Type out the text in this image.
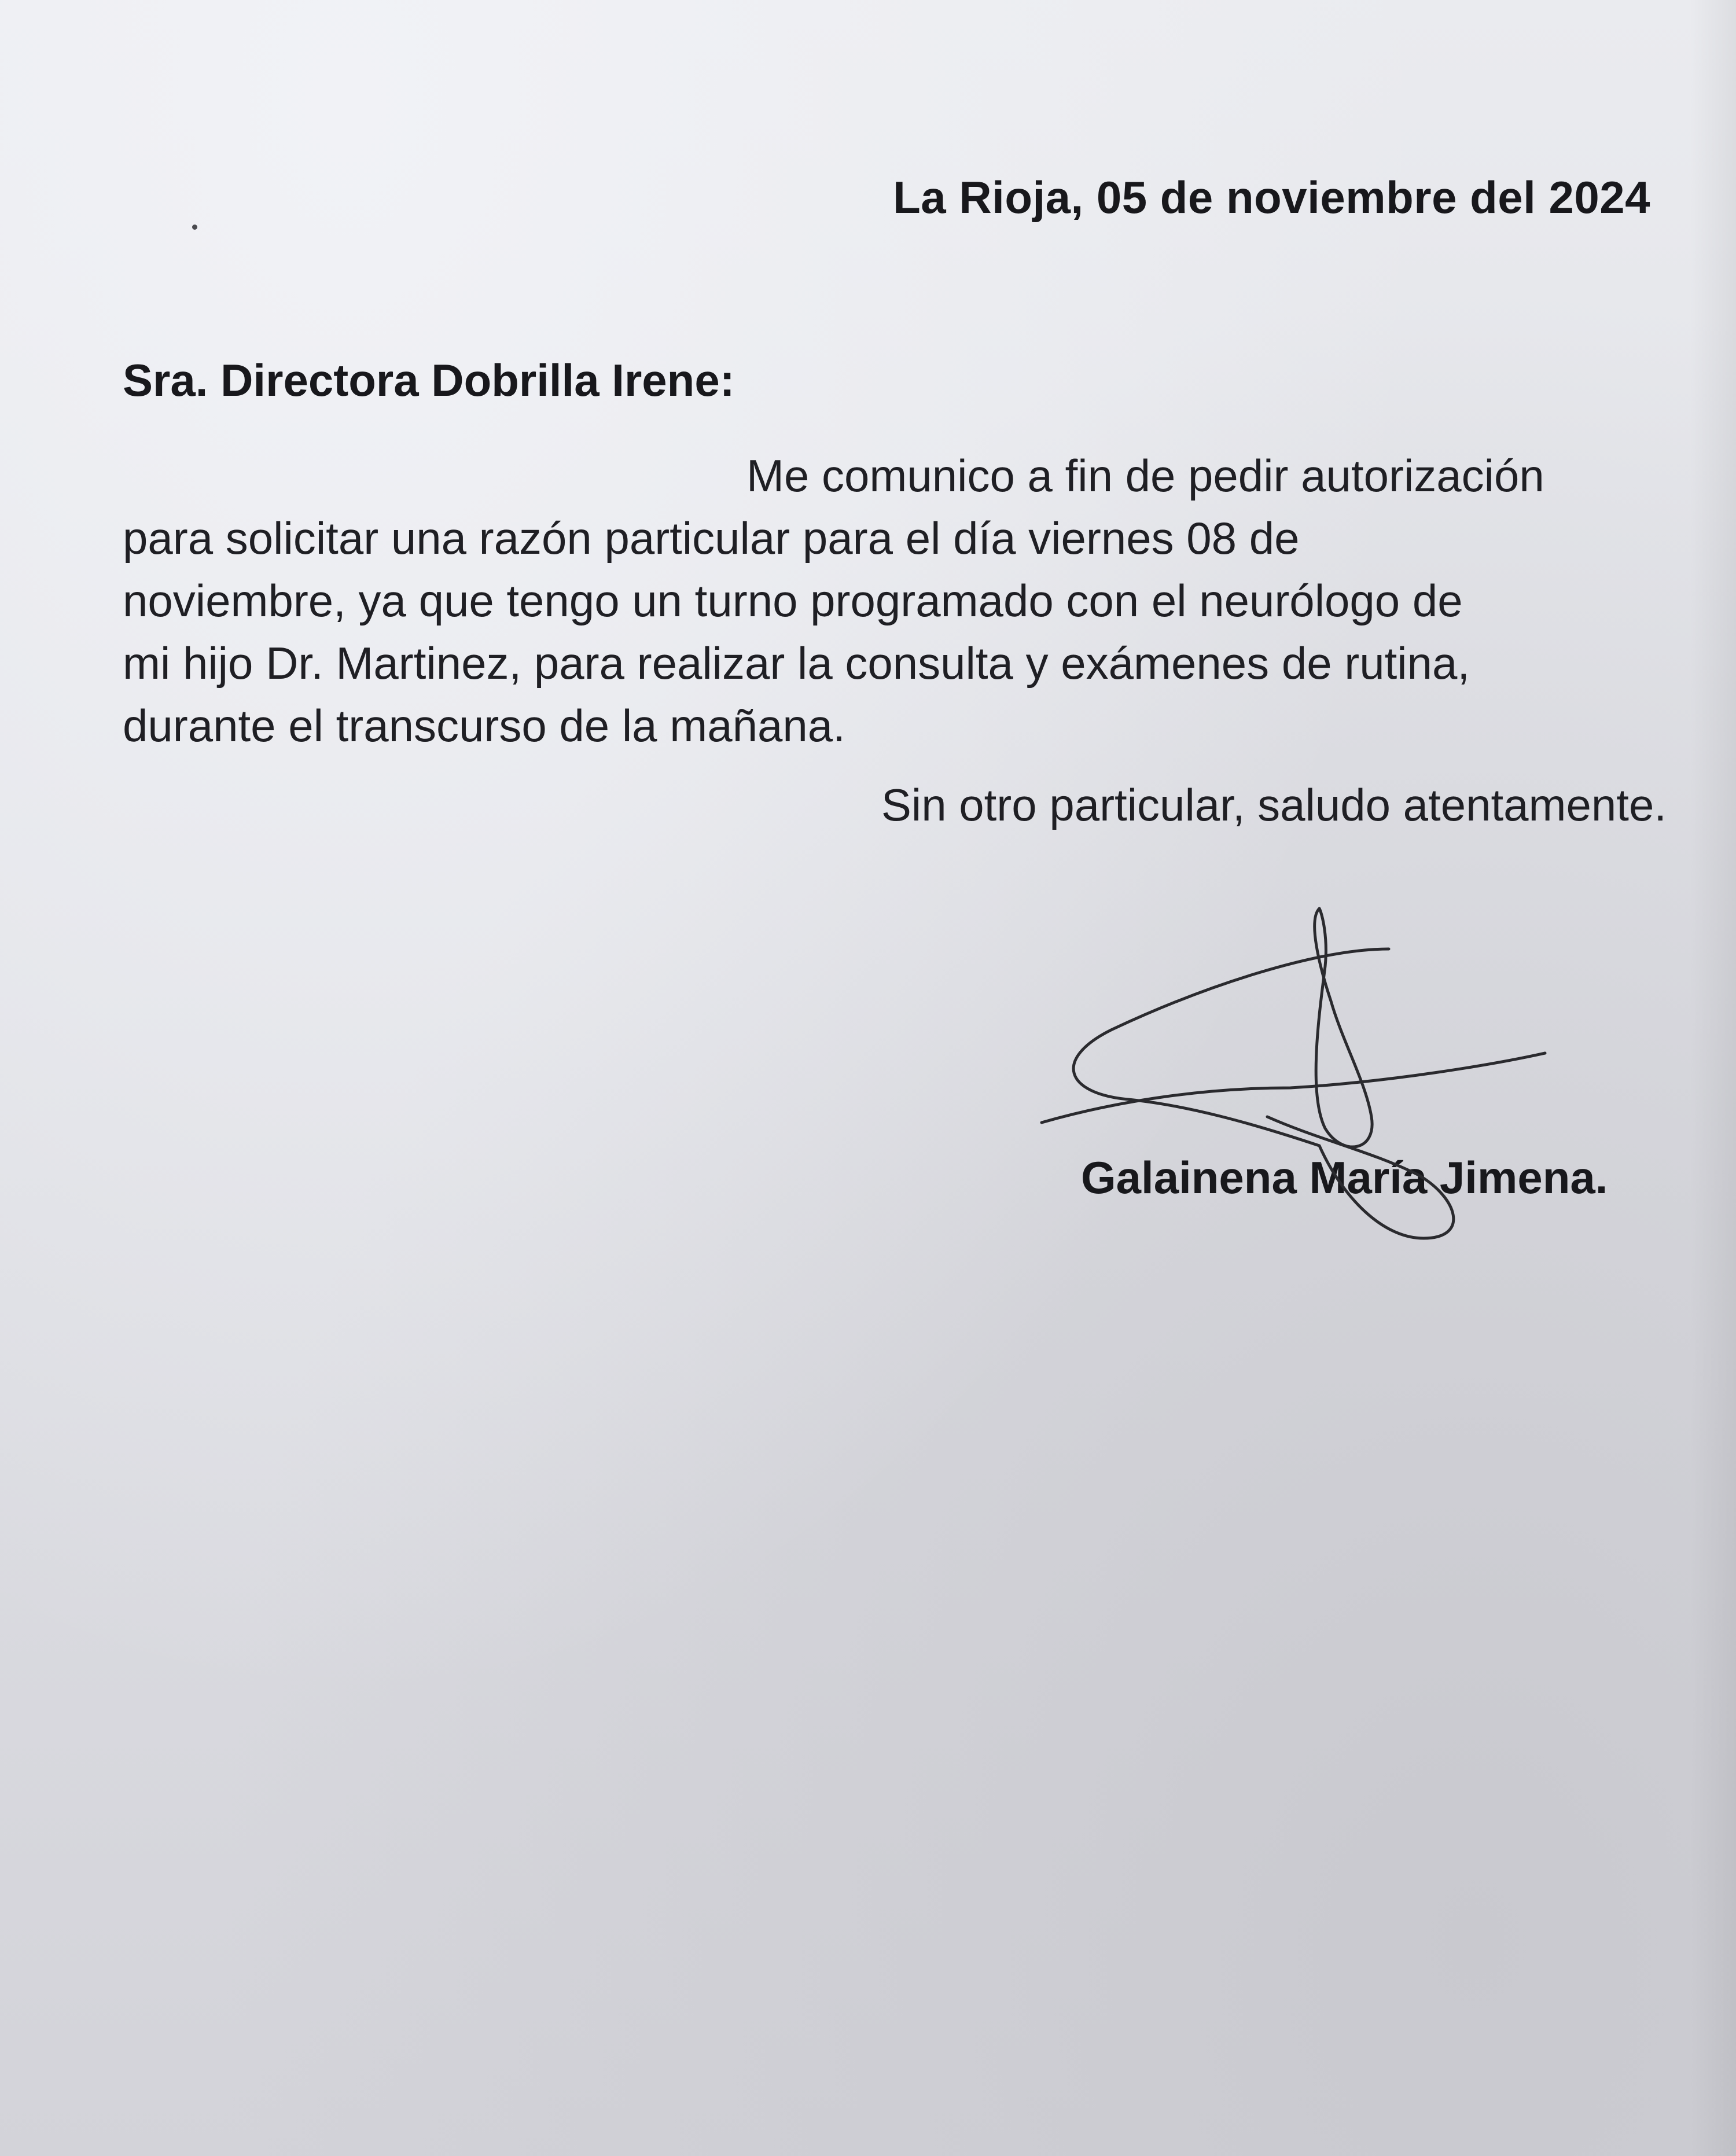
La Rioja, 05 de noviembre del 2024

Sra. Directora Dobrilla Irene:

Me comunico a fin de pedir autorización
para solicitar una razón particular para el día viernes 08 de
noviembre, ya que tengo un turno programado con el neurólogo de
mi hijo Dr. Martinez, para realizar la consulta y exámenes de rutina,
durante el transcurso de la mañana.

Sin otro particular, saludo atentamente.

Galainena María Jimena.
